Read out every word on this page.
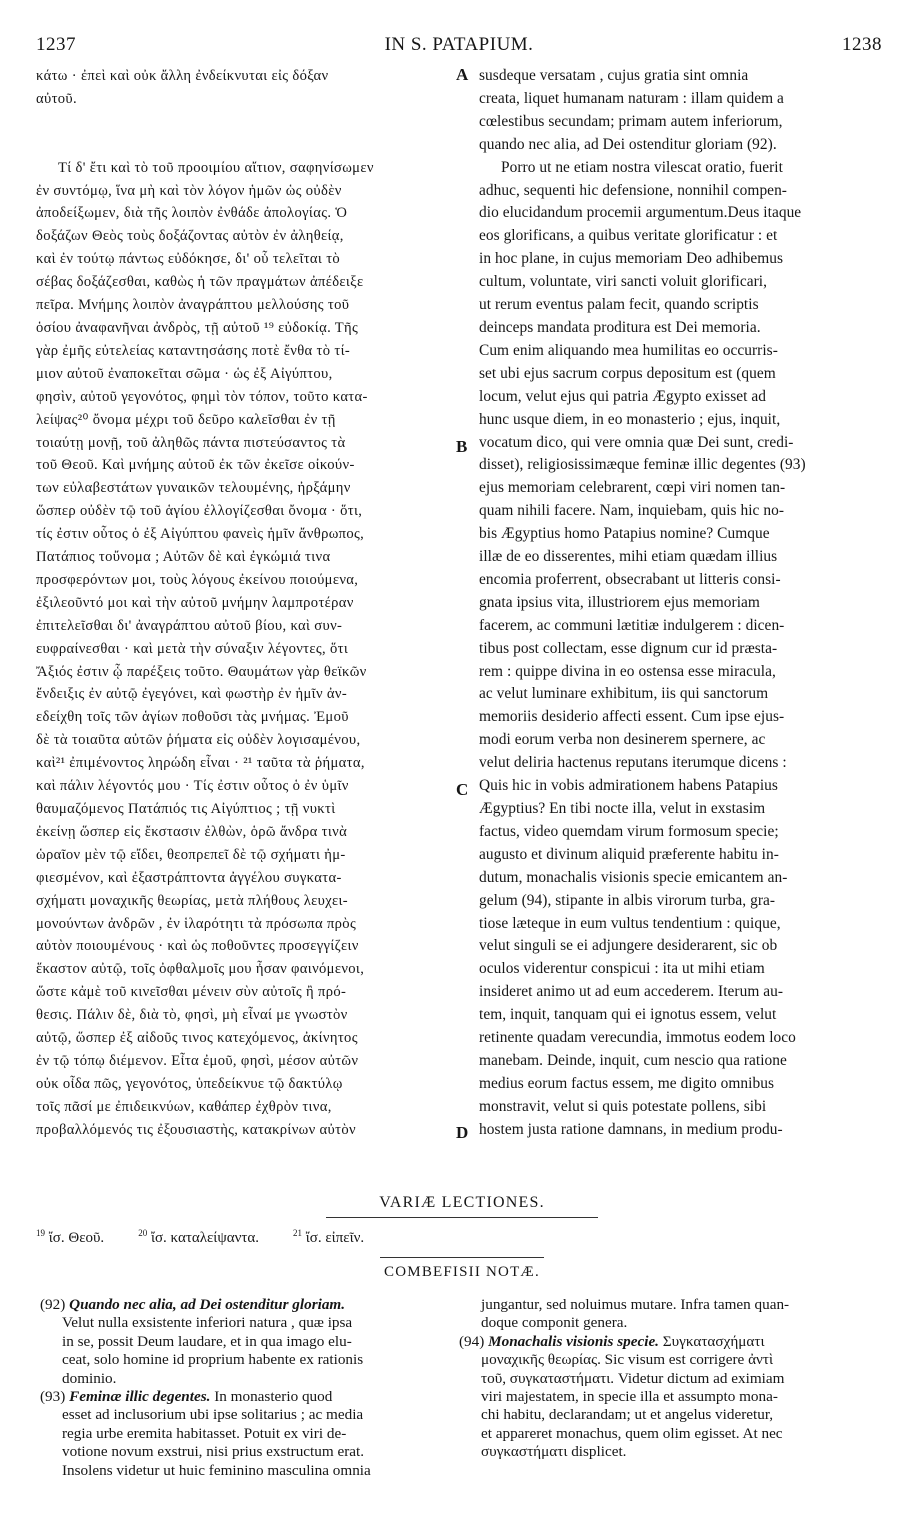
1237	IN S. PATAPIUM.	1238

κάτω · ἐπεὶ καὶ οὐκ ἄλλη ἐνδείκνυται εἰς δόξαν

αὐτοῦ.

Τί δ' ἔτι καὶ τὸ τοῦ προοιμίου αἴτιον, σαφηνίσωμεν

ἐν συντόμῳ, ἵνα μὴ καὶ τὸν λόγον ἡμῶν ὡς οὐδὲν

ἀποδείξωμεν, διὰ τῆς λοιπὸν ἐνθάδε ἀπολογίας. Ὁ

δοξάζων Θεὸς τοὺς δοξάζοντας αὐτὸν ἐν ἀληθείᾳ,

καὶ ἐν τούτῳ πάντως εὐδόκησε, δι' οὗ τελεῖται τὸ

σέβας δοξάζεσθαι, καθὼς ἡ τῶν πραγμάτων ἀπέδειξε

πεῖρα. Μνήμης λοιπὸν ἀναγράπτου μελλούσης τοῦ

ὁσίου ἀναφανῆναι ἀνδρὸς, τῇ αὐτοῦ ¹⁹ εὐδοκίᾳ. Τῆς

γὰρ ἐμῆς εὐτελείας καταντησάσης ποτὲ ἔνθα τὸ τί-

μιον αὐτοῦ ἐναποκεῖται σῶμα · ὡς ἐξ Αἰγύπτου,

φησὶν, αὐτοῦ γεγονότος, φημὶ τὸν τόπον, τοῦτο κατα-

λείψας²⁰ ὄνομα μέχρι τοῦ δεῦρο καλεῖσθαι ἐν τῇ

τοιαύτῃ μονῇ, τοῦ ἀληθῶς πάντα πιστεύσαντος τὰ

τοῦ Θεοῦ. Καὶ μνήμης αὐτοῦ ἐκ τῶν ἐκεῖσε οἰκούν-

των εὐλαβεστάτων γυναικῶν τελουμένης, ἠρξάμην

ὥσπερ οὐδὲν τῷ τοῦ ἁγίου ἐλλογίζεσθαι ὄνομα · ὅτι,

τίς ἐστιν οὗτος ὁ ἐξ Αἰγύπτου φανεὶς ἡμῖν ἄνθρωπος,

Πατάπιος τοὔνομα ; Αὐτῶν δὲ καὶ ἐγκώμιά τινα

προσφερόντων μοι, τοὺς λόγους ἐκείνου ποιούμενα,

ἐξιλεοῦντό μοι καὶ τὴν αὐτοῦ μνήμην λαμπροτέραν

ἐπιτελεῖσθαι δι' ἀναγράπτου αὐτοῦ βίου, καὶ συν-

ευφραίνεσθαι · καὶ μετὰ τὴν σύναξιν λέγοντες, ὅτι

Ἄξιός ἐστιν ᾧ παρέξεις τοῦτο. Θαυμάτων γὰρ θεϊκῶν

ἔνδειξις ἐν αὐτῷ ἐγεγόνει, καὶ φωστὴρ ἐν ἡμῖν ἀν-

εδείχθη τοῖς τῶν ἁγίων ποθοῦσι τὰς μνήμας. Ἐμοῦ

δὲ τὰ τοιαῦτα αὐτῶν ῥήματα εἰς οὐδὲν λογισαμένου,

καὶ²¹ ἐπιμένοντος ληρώδη εἶναι · ²¹ ταῦτα τὰ ῥήματα,

καὶ πάλιν λέγοντός μου · Τίς ἐστιν οὗτος ὁ ἐν ὑμῖν

θαυμαζόμενος Πατάπιός τις Αἰγύπτιος ; τῇ νυκτὶ

ἐκείνῃ ὥσπερ εἰς ἔκστασιν ἐλθὼν, ὁρῶ ἄνδρα τινὰ

ὡραῖον μὲν τῷ εἴδει, θεοπρεπεῖ δὲ τῷ σχήματι ἠμ-

φιεσμένον, καὶ ἐξαστράπτοντα ἀγγέλου συγκατα-

σχήματι μοναχικῆς θεωρίας, μετὰ πλήθους λευχει-

μονούντων ἀνδρῶν , ἐν ἱλαρότητι τὰ πρόσωπα πρὸς

αὐτὸν ποιουμένους · καὶ ὡς ποθοῦντες προσεγγίζειν

ἕκαστον αὐτῷ, τοῖς ὀφθαλμοῖς μου ἦσαν φαινόμενοι,

ὥστε κἀμὲ τοῦ κινεῖσθαι μένειν σὺν αὐτοῖς ἢ πρό-

θεσις. Πάλιν δὲ, διὰ τὸ, φησὶ, μὴ εἶναί με γνωστὸν

αὐτῷ, ὥσπερ ἐξ αἰδοῦς τινος κατεχόμενος, ἀκίνητος

ἐν τῷ τόπῳ διέμενον. Εἶτα ἐμοῦ, φησὶ, μέσον αὐτῶν

οὐκ οἶδα πῶς, γεγονότος, ὑπεδείκνυε τῷ δακτύλῳ

τοῖς πᾶσί με ἐπιδεικνύων, καθάπερ ἐχθρὸν τινα,

προβαλλόμενός τις ἐξουσιαστὴς, κατακρίνων αὐτὸν

susdeque versatam , cujus gratia sint omnia

creata, liquet humanam naturam : illam quidem a

cœlestibus secundam; primam autem inferiorum,

quando nec alia, ad Dei ostenditur gloriam (92).

Porro ut ne etiam nostra vilescat oratio, fuerit

adhuc, sequenti hic defensione, nonnihil compen-

dio elucidandum procemii argumentum.Deus itaque

eos glorificans, a quibus veritate glorificatur : et

in hoc plane, in cujus memoriam Deo adhibemus

cultum, voluntate, viri sancti voluit glorificari,

ut rerum eventus palam fecit, quando scriptis

deinceps mandata proditura est Dei memoria.

Cum enim aliquando mea humilitas eo occurris-

set ubi ejus sacrum corpus depositum est (quem

locum, velut ejus qui patria Ægypto exisset ad

hunc usque diem, in eo monasterio ; ejus, inquit,

vocatum dico, qui vere omnia quæ Dei sunt, credi-

disset), religiosissimæque feminæ illic degentes (93)

ejus memoriam celebrarent, cœpi viri nomen tan-

quam nihili facere. Nam, inquiebam, quis hic no-

bis Ægyptius homo Patapius nomine? Cumque

illæ de eo disserentes, mihi etiam quædam illius

encomia proferrent, obsecrabant ut litteris consi-

gnata ipsius vita, illustriorem ejus memoriam

facerem, ac communi lætitiæ indulgerem : dicen-

tibus post collectam, esse dignum cur id præsta-

rem : quippe divina in eo ostensa esse miracula,

ac velut luminare exhibitum, iis qui sanctorum

memoriis desiderio affecti essent. Cum ipse ejus-

modi eorum verba non desinerem spernere, ac

velut deliria hactenus reputans iterumque dicens :

Quis hic in vobis admirationem habens Patapius

Ægyptius? En tibi nocte illa, velut in exstasim

factus, video quemdam virum formosum specie;

augusto et divinum aliquid præferente habitu in-

dutum, monachalis visionis specie emicantem an-

gelum (94), stipante in albis virorum turba, gra-

tiose læteque in eum vultus tendentium : quique,

velut singuli se ei adjungere desiderarent, sic ob

oculos viderentur conspicui : ita ut mihi etiam

insideret animo ut ad eum accederem. Iterum au-

tem, inquit, tanquam qui ei ignotus essem, velut

retinente quadam verecundia, immotus eodem loco

manebam. Deinde, inquit, cum nescio qua ratione

medius eorum factus essem, me digito omnibus

monstravit, velut si quis potestate pollens, sibi

hostem justa ratione damnans, in medium produ-

A
B
C
D
VARIÆ LECTIONES.
$^{19}$ ἴσ. Θεοῦ.	$^{20}$ ἴσ. καταλείψαντα.	$^{21}$ ἴσ. εἰπεῖν.
COMBEFISII NOTÆ.

(92) Quando nec alia, ad Dei ostenditur gloriam.

Velut nulla exsistente inferiori natura , quæ ipsa

in se, possit Deum laudare, et in qua imago elu-

ceat, solo homine id proprium habente ex rationis

dominio.

(93) Feminæ illic degentes. In monasterio quod

esset ad inclusorium ubi ipse solitarius ; ac media

regia urbe eremita habitasset. Potuit ex viri de-

votione novum exstrui, nisi prius exstructum erat.

Insolens videtur ut huic feminino masculina omnia

jungantur, sed noluimus mutare. Infra tamen quan-

doque componit genera.

(94) Monachalis visionis specie. Συγκατασχήματι

μοναχικῆς θεωρίας. Sic visum est corrigere ἀντὶ

τοῦ, συγκαταστήματι. Videtur dictum ad eximiam

viri majestatem, in specie illa et assumpto mona-

chi habitu, declarandam; ut et angelus videretur,

et appareret monachus, quem olim egisset. At nec

συγκαστήματι displicet.
